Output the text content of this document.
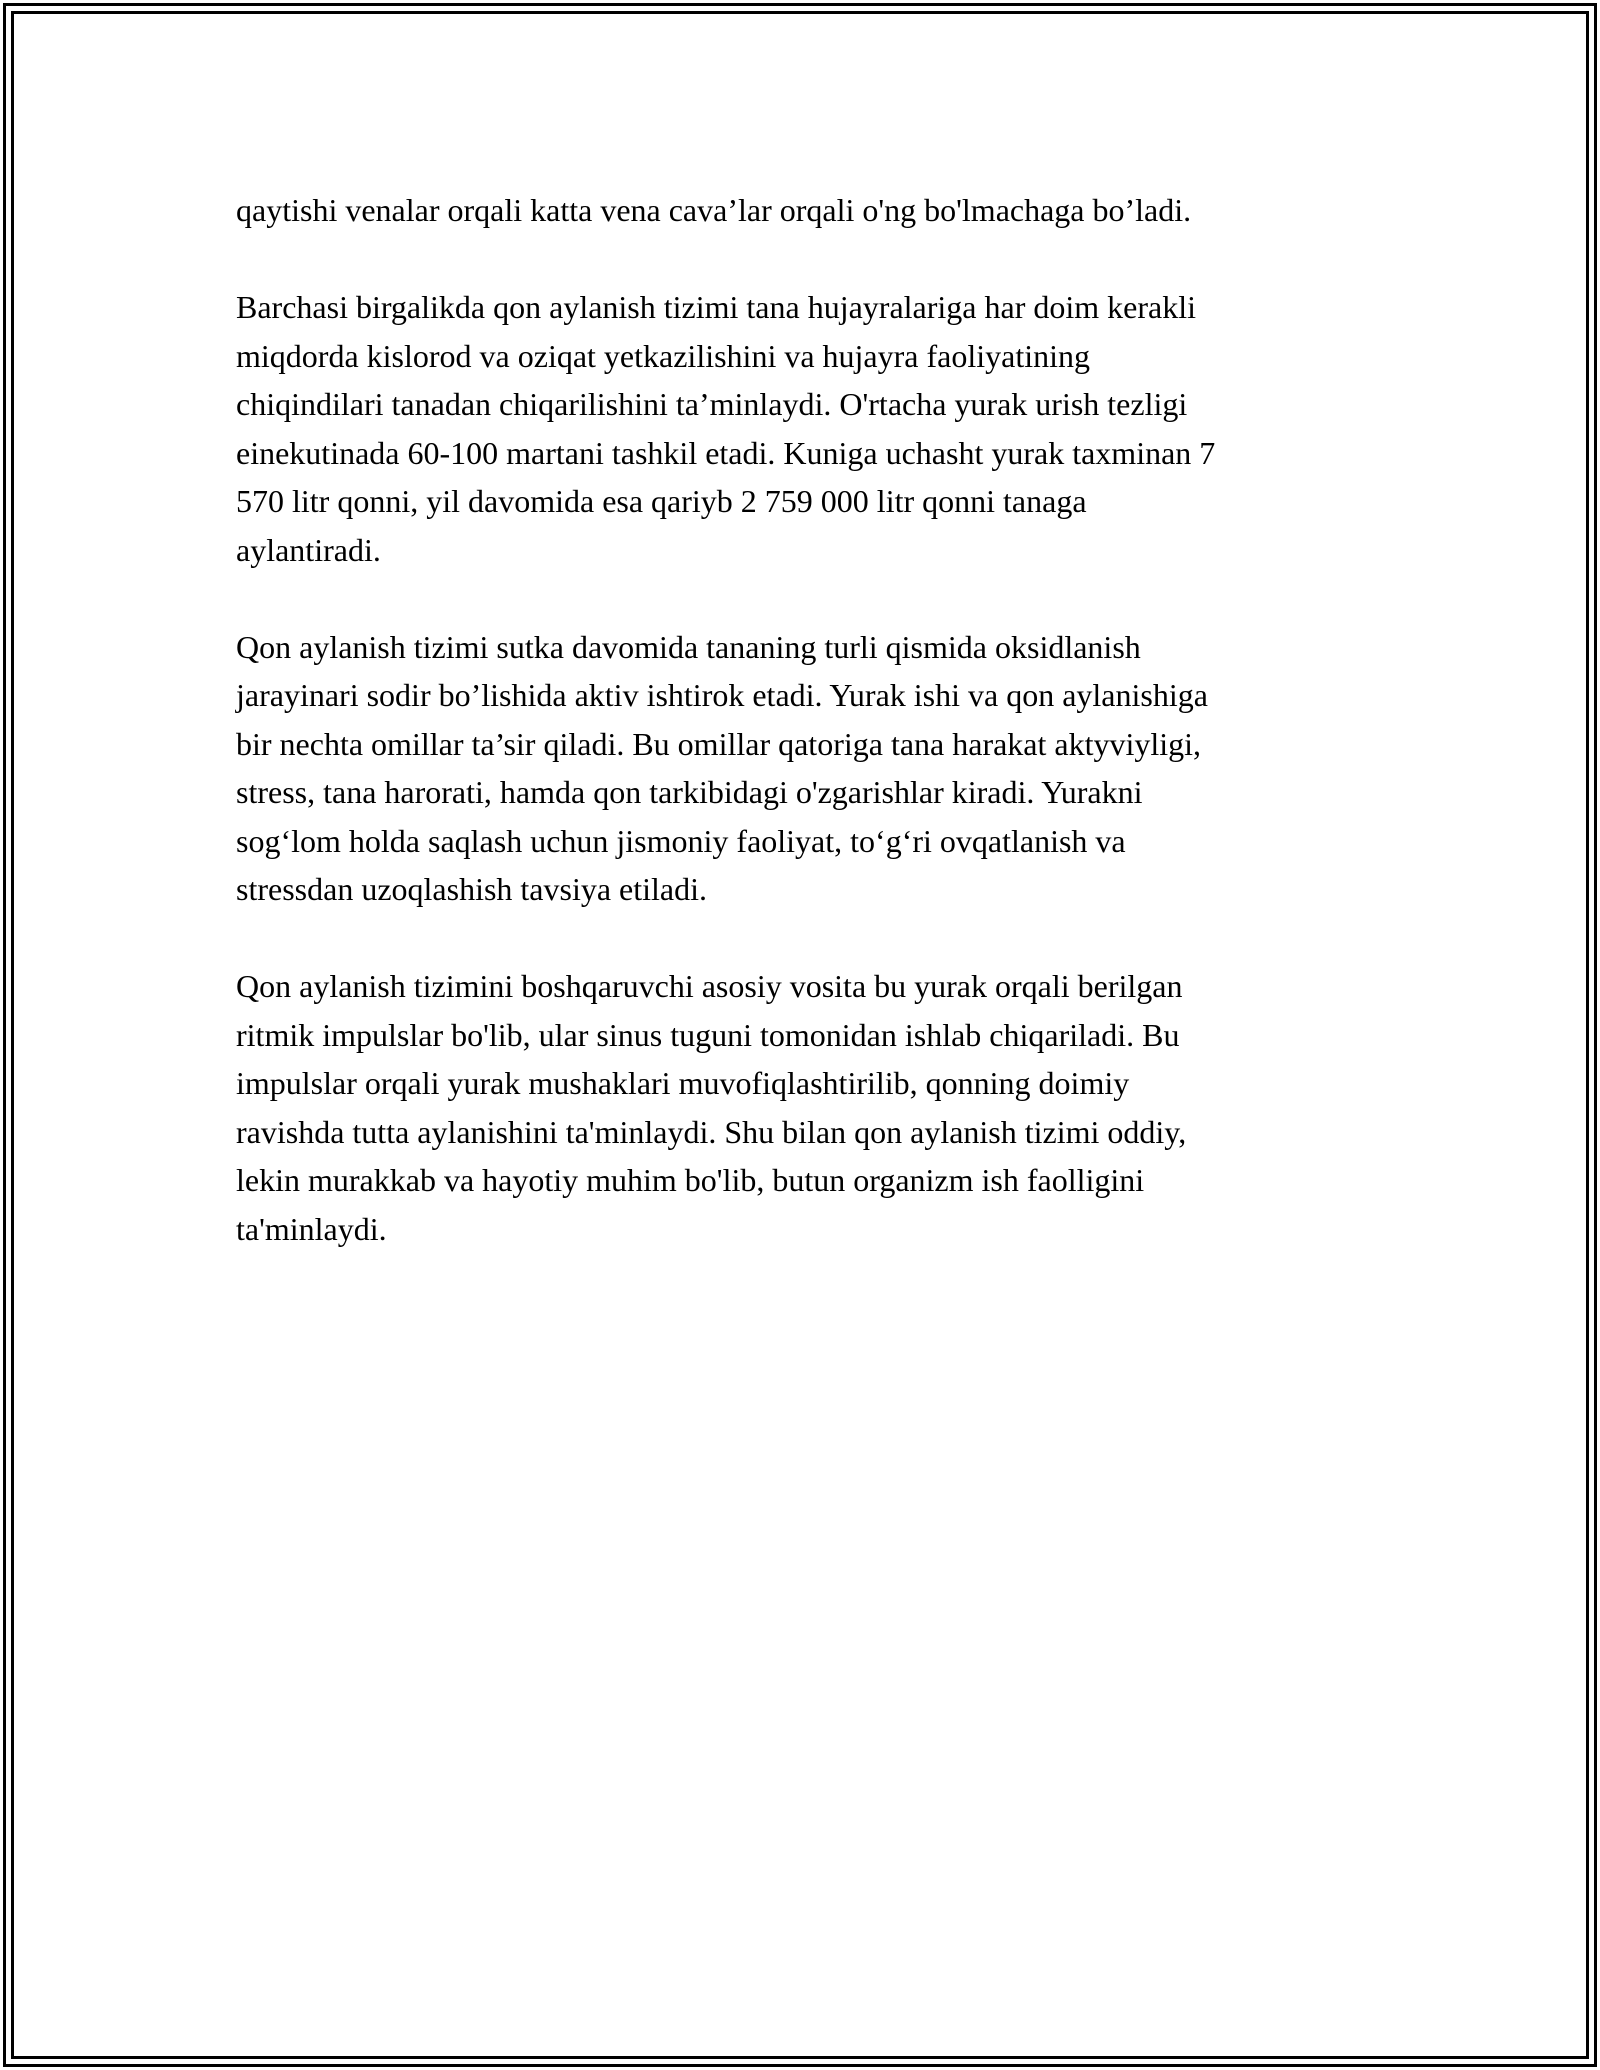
qaytishi venalar orqali katta vena cava’lar orqali o'ng bo'lmachaga bo’ladi.

Barchasi birgalikda qon aylanish tizimi tana hujayralariga har doim kerakli
miqdorda kislorod va oziqat yetkazilishini va hujayra faoliyatining
chiqindilari tanadan chiqarilishini ta’minlaydi. O'rtacha yurak urish tezligi
einekutinada 60-100 martani tashkil etadi. Kuniga uchasht yurak taxminan 7
570 litr qonni, yil davomida esa qariyb 2 759 000 litr qonni tanaga
aylantiradi.

Qon aylanish tizimi sutka davomida tananing turli qismida oksidlanish
jarayinari sodir bo’lishida aktiv ishtirok etadi. Yurak ishi va qon aylanishiga
bir nechta omillar ta’sir qiladi. Bu omillar qatoriga tana harakat aktyviyligi,
stress, tana harorati, hamda qon tarkibidagi o'zgarishlar kiradi. Yurakni
sog‘lom holda saqlash uchun jismoniy faoliyat, to‘g‘ri ovqatlanish va
stressdan uzoqlashish tavsiya etiladi.

Qon aylanish tizimini boshqaruvchi asosiy vosita bu yurak orqali berilgan
ritmik impulslar bo'lib, ular sinus tuguni tomonidan ishlab chiqariladi. Bu
impulslar orqali yurak mushaklari muvofiqlashtirilib, qonning doimiy
ravishda tutta aylanishini ta'minlaydi. Shu bilan qon aylanish tizimi oddiy,
lekin murakkab va hayotiy muhim bo'lib, butun organizm ish faolligini
ta'minlaydi.
